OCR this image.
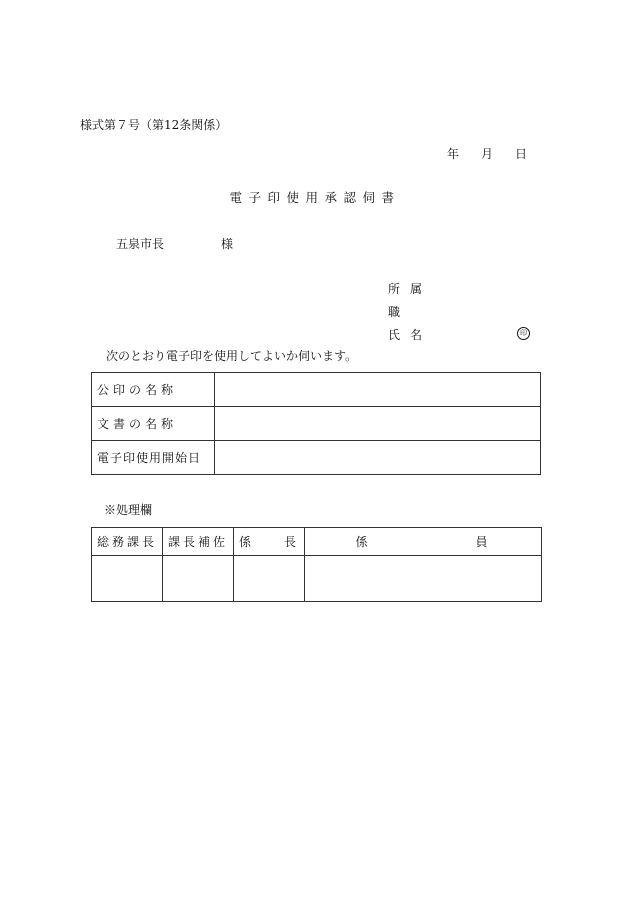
様式第７号（第12条関係）
年 月 日
電子印使用承認伺書
五泉市長	様
所属
職
氏名	印
次のとおり電子印を使用してよいか伺います。
公印の名称	
文書の名称	
電子印使用開始日	
※処理欄
総務課長	課長補佐	係　　長	係　　　　　　　員
